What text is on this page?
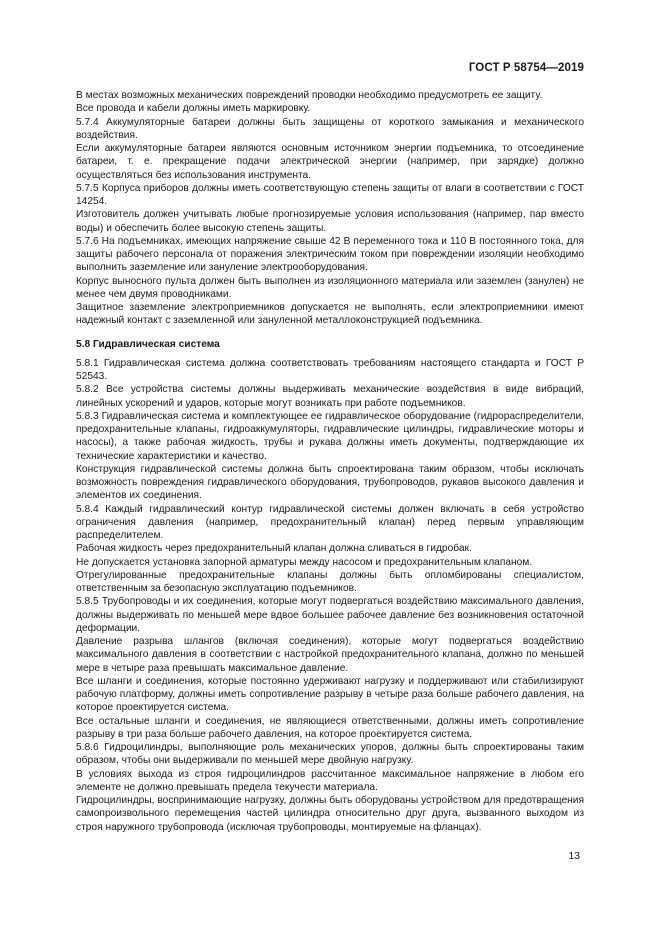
ГОСТ Р 58754—2019

В местах возможных механических повреждений проводки необходимо предусмотреть ее защиту.

Все провода и кабели должны иметь маркировку.

5.7.4 Аккумуляторные батареи должны быть защищены от короткого замыкания и механического воздействия.

Если аккумуляторные батареи являются основным источником энергии подъемника, то отсоединение батареи, т. е. прекращение подачи электрической энергии (например, при зарядке) должно осуществляться без использования инструмента.

5.7.5 Корпуса приборов должны иметь соответствующую степень защиты от влаги в соответствии с ГОСТ 14254.

Изготовитель должен учитывать любые прогнозируемые условия использования (например, пар вместо воды) и обеспечить более высокую степень защиты.

5.7.6 На подъемниках, имеющих напряжение свыше 42 В переменного тока и 110 В постоянного тока, для защиты рабочего персонала от поражения электрическим током при повреждении изоляции необходимо выполнить заземление или зануление электрооборудования.

Корпус выносного пульта должен быть выполнен из изоляционного материала или заземлен (занулен) не менее чем двумя проводниками.

Защитное заземление электроприемников допускается не выполнять, если электроприемники имеют надежный контакт с заземленной или зануленной металлоконструкцией подъемника.

5.8 Гидравлическая система

5.8.1 Гидравлическая система должна соответствовать требованиям настоящего стандарта и ГОСТ Р 52543.

5.8.2 Все устройства системы должны выдерживать механические воздействия в виде вибраций, линейных ускорений и ударов, которые могут возникать при работе подъемников.

5.8.3 Гидравлическая система и комплектующее ее гидравлическое оборудование (гидрораспределители, предохранительные клапаны, гидроаккумуляторы, гидравлические цилиндры, гидравлические моторы и насосы), а также рабочая жидкость, трубы и рукава должны иметь документы, подтверждающие их технические характеристики и качество.

Конструкция гидравлической системы должна быть спроектирована таким образом, чтобы исключать возможность повреждения гидравлического оборудования, трубопроводов, рукавов высокого давления и элементов их соединения.

5.8.4 Каждый гидравлический контур гидравлической системы должен включать в себя устройство ограничения давления (например, предохранительный клапан) перед первым управляющим распределителем.

Рабочая жидкость через предохранительный клапан должна сливаться в гидробак.

Не допускается установка запорной арматуры между насосом и предохранительным клапаном.

Отрегулированные предохранительные клапаны должны быть опломбированы специалистом, ответственным за безопасную эксплуатацию подъемников.

5.8.5 Трубопроводы и их соединения, которые могут подвергаться воздействию максимального давления, должны выдерживать по меньшей мере вдвое большее рабочее давление без возникновения остаточной деформации.

Давление разрыва шлангов (включая соединения), которые могут подвергаться воздействию максимального давления в соответствии с настройкой предохранительного клапана, должно по меньшей мере в четыре раза превышать максимальное давление.

Все шланги и соединения, которые постоянно удерживают нагрузку и поддерживают или стабилизируют рабочую платформу, должны иметь сопротивление разрыву в четыре раза больше рабочего давления, на которое проектируется система.

Все остальные шланги и соединения, не являющиеся ответственными, должны иметь сопротивление разрыву в три раза больше рабочего давления, на которое проектируется система.

5.8.6 Гидроцилиндры, выполняющие роль механических упоров, должны быть спроектированы таким образом, чтобы они выдерживали по меньшей мере двойную нагрузку.

В условиях выхода из строя гидроцилиндров рассчитанное максимальное напряжение в любом его элементе не должно превышать предела текучести материала.

Гидроцилиндры, воспринимающие нагрузку, должны быть оборудованы устройством для предотвращения самопроизвольного перемещения частей цилиндра относительно друг друга, вызванного выходом из строя наружного трубопровода (исключая трубопроводы, монтируемые на фланцах).

13
